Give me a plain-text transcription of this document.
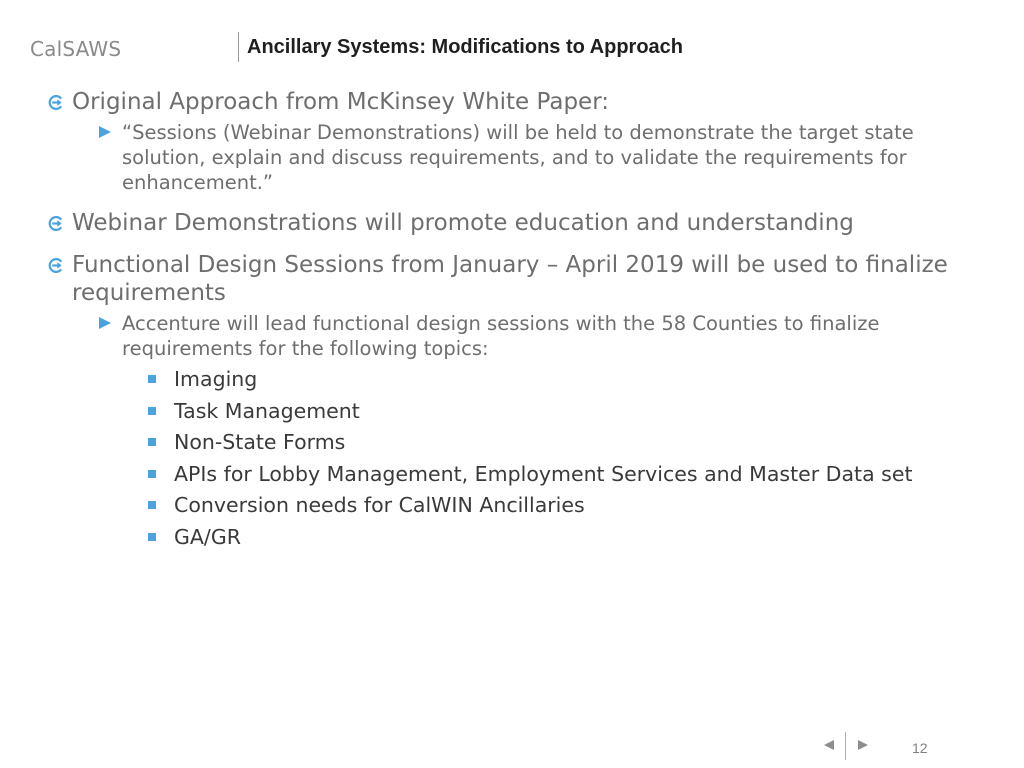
CalSAWS	Ancillary Systems: Modifications to Approach
Original Approach from McKinsey White Paper:
“Sessions (Webinar Demonstrations) will be held to demonstrate the target state solution, explain and discuss requirements, and to validate the requirements for enhancement.”
Webinar Demonstrations will promote education and understanding
Functional Design Sessions from January – April 2019 will be used to finalize requirements
Accenture will lead functional design sessions with the 58 Counties to finalize requirements for the following topics:
Imaging
Task Management
Non-State Forms
APIs for Lobby Management, Employment Services and Master Data set
Conversion needs for CalWIN Ancillaries
GA/GR
12
